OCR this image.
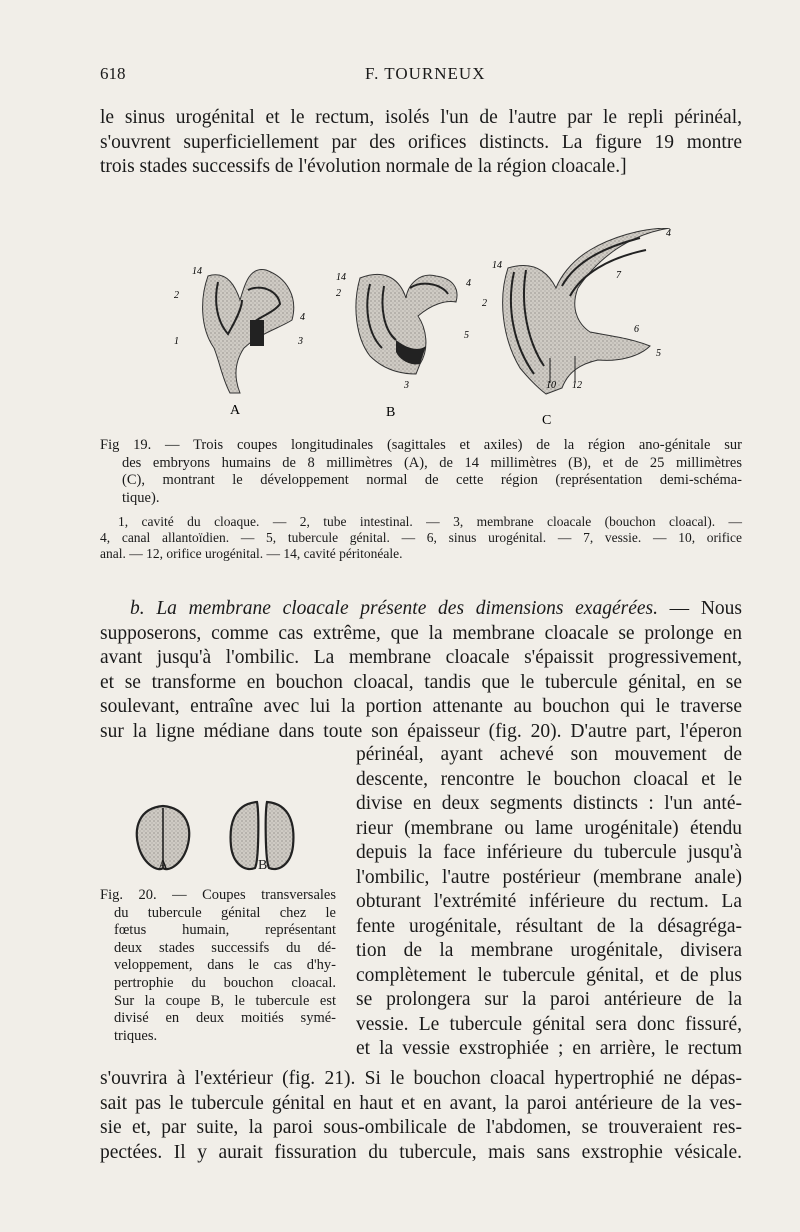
618	F. TOURNEUX

le sinus urogénital et le rectum, isolés l'un de l'autre par le repli périnéal,
s'ouvrent superficiellement par des orifices distincts. La figure 19 montre
trois stades successifs de l'évolution normale de la région cloacale.]

A	B
C
14
2
1
4
3
14
2
4
5
3
14
2
7
6
5
10 12
4

Fig 19. — Trois coupes longitudinales (sagittales et axiles) de la région ano-génitale sur
des embryons humains de 8 millimètres (A), de 14 millimètres (B), et de 25 millimètres
(C), montrant le développement normal de cette région (représentation demi-schéma-
tique).

1, cavité du cloaque. — 2, tube intestinal. — 3, membrane cloacale (bouchon cloacal). —
4, canal allantoïdien. — 5, tubercule génital. — 6, sinus urogénital. — 7, vessie. — 10, orifice
anal. — 12, orifice urogénital. — 14, cavité péritonéale.

b. La membrane cloacale présente des dimensions exagérées. — Nous
supposerons, comme cas extrême, que la membrane cloacale se prolonge en
avant jusqu'à l'ombilic. La membrane cloacale s'épaissit progressivement,
et se transforme en bouchon cloacal, tandis que le tubercule génital, en se
soulevant, entraîne avec lui la portion attenante au bouchon qui le traverse
sur la ligne médiane dans toute son épaisseur (fig. 20). D'autre part, l'éperon

A	B

Fig. 20. — Coupes transversales
du tubercule génital chez le
fœtus humain, représentant
deux stades successifs du dé-
veloppement, dans le cas d'hy-
pertrophie du bouchon cloacal.
Sur la coupe B, le tubercule est
divisé en deux moitiés symé-
triques.

périnéal, ayant achevé son mouvement de
descente, rencontre le bouchon cloacal et le
divise en deux segments distincts : l'un anté-
rieur (membrane ou lame urogénitale) étendu
depuis la face inférieure du tubercule jusqu'à
l'ombilic, l'autre postérieur (membrane anale)
obturant l'extrémité inférieure du rectum. La
fente urogénitale, résultant de la désagréga-
tion de la membrane urogénitale, divisera
complètement le tubercule génital, et de plus
se prolongera sur la paroi antérieure de la
vessie. Le tubercule génital sera donc fissuré,
et la vessie exstrophiée ; en arrière, le rectum

s'ouvrira à l'extérieur (fig. 21). Si le bouchon cloacal hypertrophié ne dépas-
sait pas le tubercule génital en haut et en avant, la paroi antérieure de la ves-
sie et, par suite, la paroi sous-ombilicale de l'abdomen, se trouveraient res-
pectées. Il y aurait fissuration du tubercule, mais sans exstrophie vésicale.
